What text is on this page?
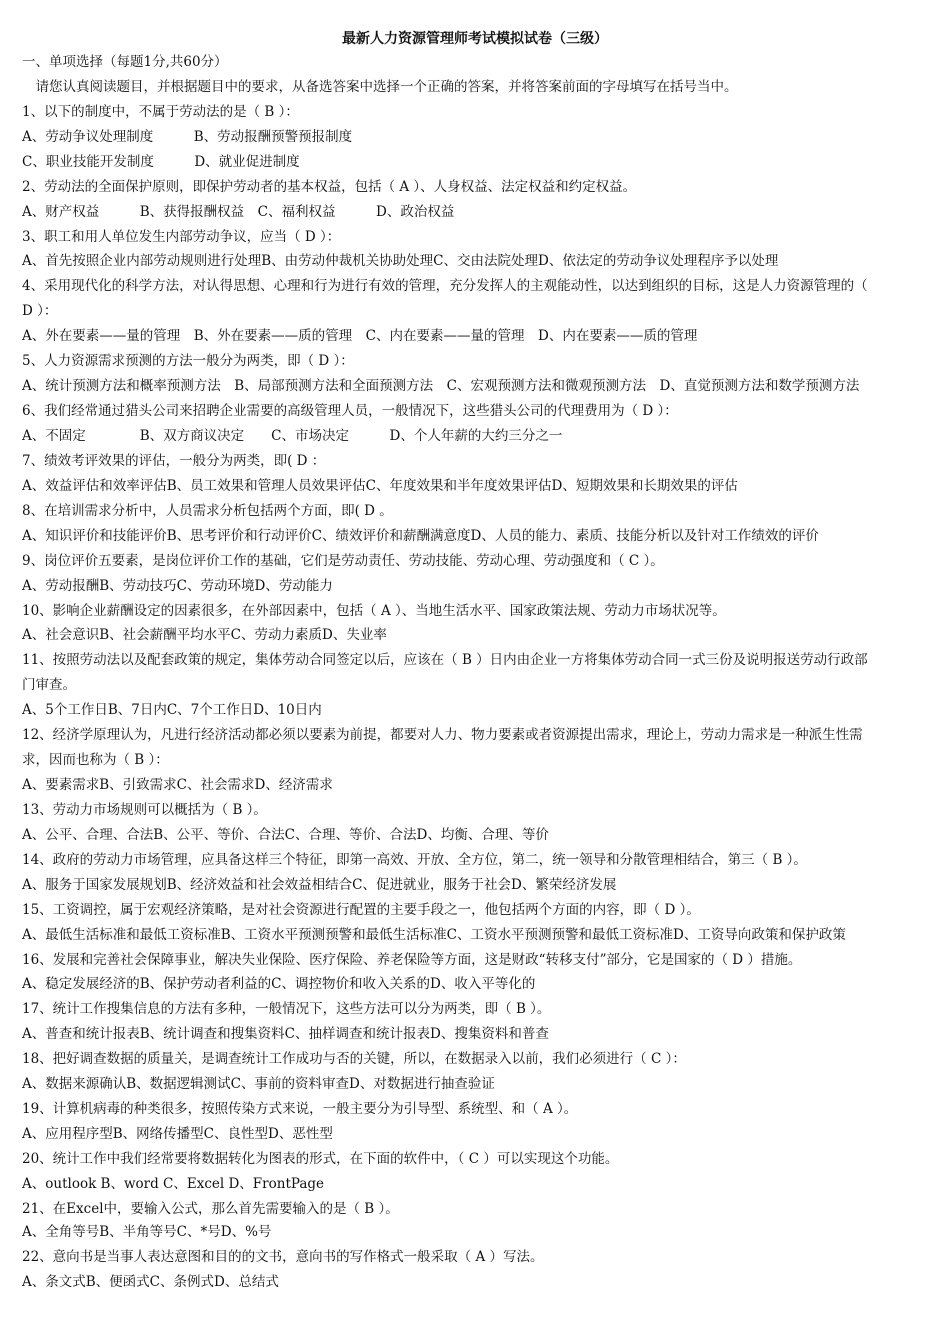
最新人力资源管理师考试模拟试卷（三级）
一、单项选择（每题1分,共60分）
　请您认真阅读题目，并根据题目中的要求，从备选答案中选择一个正确的答案，并将答案前面的字母填写在括号当中。
1、以下的制度中，不属于劳动法的是（ B ）：
A、劳动争议处理制度　　　B、劳动报酬预警预报制度
C、职业技能开发制度　　　D、就业促进制度
2、劳动法的全面保护原则，即保护劳动者的基本权益，包括（ A ）、人身权益、法定权益和约定权益。
A、财产权益　　　B、获得报酬权益　C、福利权益　　　D、政治权益
3、职工和用人单位发生内部劳动争议，应当（ D ）：
A、首先按照企业内部劳动规则进行处理B、由劳动仲裁机关协助处理C、交由法院处理D、依法定的劳动争议处理程序予以处理
4、采用现代化的科学方法，对认得思想、心理和行为进行有效的管理，充分发挥人的主观能动性，以达到组织的目标，这是人力资源管理的（
D ）：
A、外在要素——量的管理　B、外在要素——质的管理　C、内在要素——量的管理　D、内在要素——质的管理
5、人力资源需求预测的方法一般分为两类，即（ D ）：
A、统计预测方法和概率预测方法　B、局部预测方法和全面预测方法　C、宏观预测方法和微观预测方法　D、直觉预测方法和数学预测方法
6、我们经常通过猎头公司来招聘企业需要的高级管理人员，一般情况下，这些猎头公司的代理费用为（ D ）：
A、不固定　　　　B、双方商议决定　　C、市场决定　　　D、个人年薪的大约三分之一
7、绩效考评效果的评估，一般分为两类，即( D ：
A、效益评估和效率评估B、员工效果和管理人员效果评估C、年度效果和半年度效果评估D、短期效果和长期效果的评估
8、在培训需求分析中，人员需求分析包括两个方面，即( D 。
A、知识评价和技能评价B、思考评价和行动评价C、绩效评价和薪酬满意度D、人员的能力、素质、技能分析以及针对工作绩效的评价
9、岗位评价五要素，是岗位评价工作的基础，它们是劳动责任、劳动技能、劳动心理、劳动强度和（ C ）。
A、劳动报酬B、劳动技巧C、劳动环境D、劳动能力
10、影响企业薪酬设定的因素很多，在外部因素中，包括（ A ）、当地生活水平、国家政策法规、劳动力市场状况等。
A、社会意识B、社会薪酬平均水平C、劳动力素质D、失业率
11、按照劳动法以及配套政策的规定，集体劳动合同签定以后，应该在（ B ）日内由企业一方将集体劳动合同一式三份及说明报送劳动行政部
门审查。
A、5个工作日B、7日内C、7个工作日D、10日内
12、经济学原理认为，凡进行经济活动都必须以要素为前提，都要对人力、物力要素或者资源提出需求，理论上，劳动力需求是一种派生性需
求，因而也称为（ B ）：
A、要素需求B、引致需求C、社会需求D、经济需求
13、劳动力市场规则可以概括为（ B ）。
A、公平、合理、合法B、公平、等价、合法C、合理、等价、合法D、均衡、合理、等价
14、政府的劳动力市场管理，应具备这样三个特征，即第一高效、开放、全方位，第二，统一领导和分散管理相结合，第三（ B ）。
A、服务于国家发展规划B、经济效益和社会效益相结合C、促进就业，服务于社会D、繁荣经济发展
15、工资调控，属于宏观经济策略，是对社会资源进行配置的主要手段之一，他包括两个方面的内容，即（ D ）。
A、最低生活标准和最低工资标准B、工资水平预测预警和最低生活标准C、工资水平预测预警和最低工资标准D、工资导向政策和保护政策
16、发展和完善社会保障事业，解决失业保险、医疗保险、养老保险等方面，这是财政“转移支付”部分，它是国家的（ D ）措施。
A、稳定发展经济的B、保护劳动者利益的C、调控物价和收入关系的D、收入平等化的
17、统计工作搜集信息的方法有多种，一般情况下，这些方法可以分为两类，即（ B ）。
A、普查和统计报表B、统计调查和搜集资料C、抽样调查和统计报表D、搜集资料和普查
18、把好调查数据的质量关，是调查统计工作成功与否的关键，所以，在数据录入以前，我们必须进行（ C ）：
A、数据来源确认B、数据逻辑测试C、事前的资料审查D、对数据进行抽查验证
19、计算机病毒的种类很多，按照传染方式来说，一般主要分为引导型、系统型、和（ A ）。
A、应用程序型B、网络传播型C、良性型D、恶性型
20、统计工作中我们经常要将数据转化为图表的形式，在下面的软件中，（ C ）可以实现这个功能。
A、outlook B、word C、Excel D、FrontPage
21、在Excel中，要输入公式，那么首先需要输入的是（ B ）。
A、全角等号B、半角等号C、*号D、%号
22、意向书是当事人表达意图和目的的文书，意向书的写作格式一般采取（ A ）写法。
A、条文式B、便函式C、条例式D、总结式
